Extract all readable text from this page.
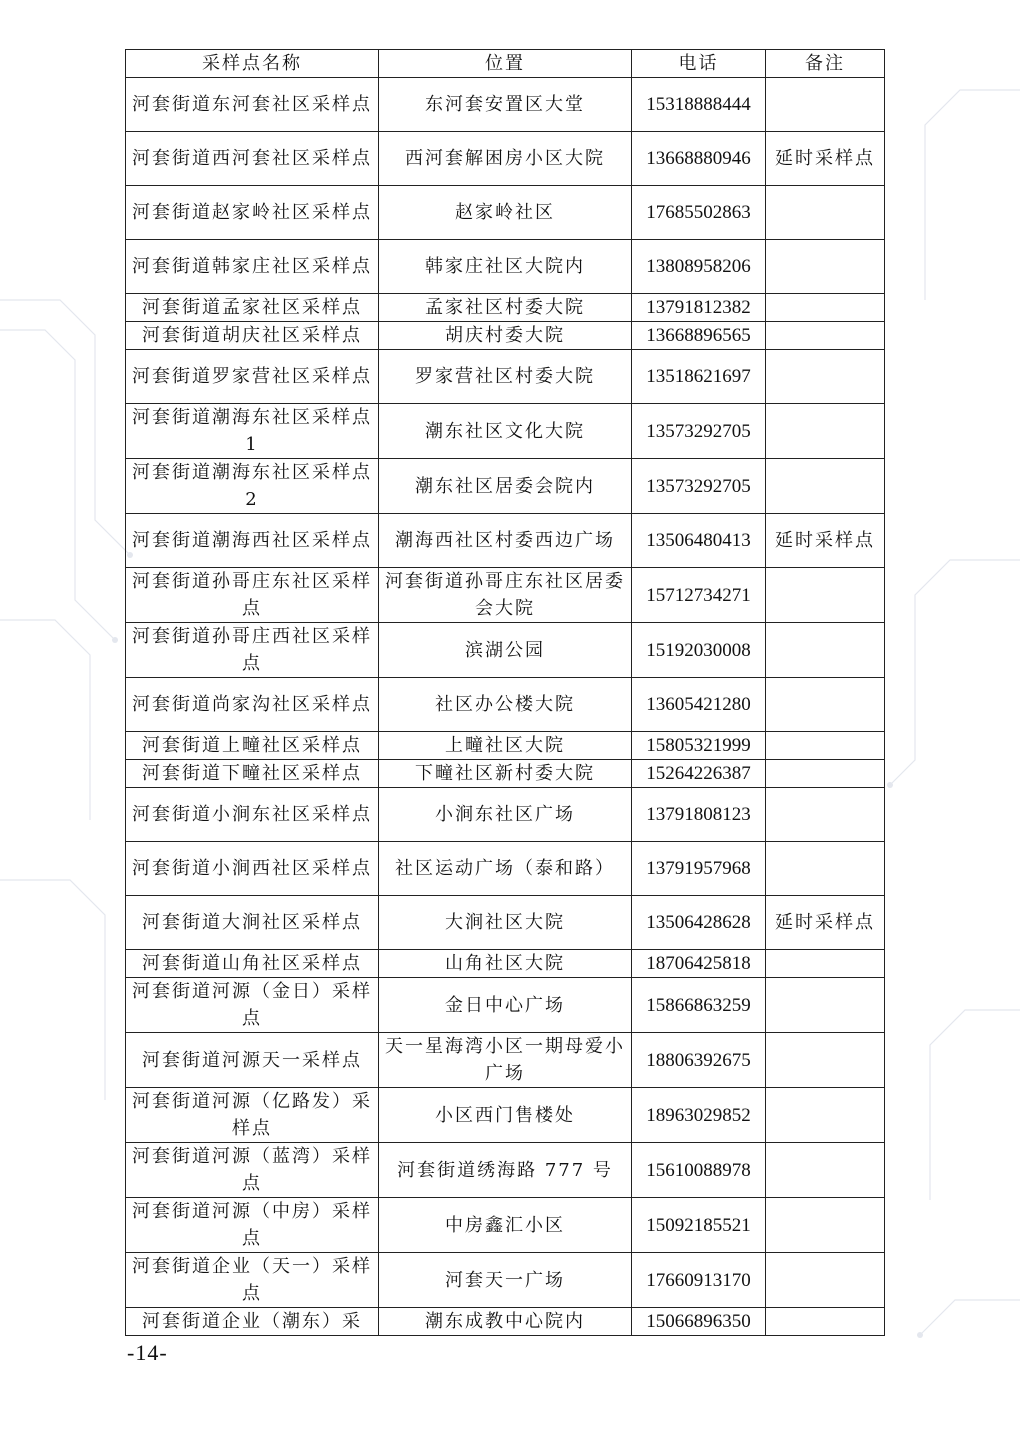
采样点名称	位置	电话	备注
河套街道东河套社区采样点	东河套安置区大堂	15318888444	
河套街道西河套社区采样点	西河套解困房小区大院	13668880946	延时采样点
河套街道赵家岭社区采样点	赵家岭社区	17685502863	
河套街道韩家庄社区采样点	韩家庄社区大院内	13808958206	
河套街道孟家社区采样点	孟家社区村委大院	13791812382	
河套街道胡庆社区采样点	胡庆村委大院	13668896565	
河套街道罗家营社区采样点	罗家营社区村委大院	13518621697	
河套街道潮海东社区采样点 1	潮东社区文化大院	13573292705	
河套街道潮海东社区采样点 2	潮东社区居委会院内	13573292705	
河套街道潮海西社区采样点	潮海西社区村委西边广场	13506480413	延时采样点
河套街道孙哥庄东社区采样点	河套街道孙哥庄东社区居委会大院	15712734271	
河套街道孙哥庄西社区采样点	滨湖公园	15192030008	
河套街道尚家沟社区采样点	社区办公楼大院	13605421280	
河套街道上疃社区采样点	上疃社区大院	15805321999	
河套街道下疃社区采样点	下疃社区新村委大院	15264226387	
河套街道小涧东社区采样点	小涧东社区广场	13791808123	
河套街道小涧西社区采样点	社区运动广场（泰和路）	13791957968	
河套街道大涧社区采样点	大涧社区大院	13506428628	延时采样点
河套街道山角社区采样点	山角社区大院	18706425818	
河套街道河源（金日）采样点	金日中心广场	15866863259	
河套街道河源天一采样点	天一星海湾小区一期母爱小广场	18806392675	
河套街道河源（亿路发）采样点	小区西门售楼处	18963029852	
河套街道河源（蓝湾）采样点	河套街道绣海路 777 号	15610088978	
河套街道河源（中房）采样点	中房鑫汇小区	15092185521	
河套街道企业（天一）采样点	河套天一广场	17660913170	
河套街道企业（潮东）采	潮东成教中心院内	15066896350	
-14-
